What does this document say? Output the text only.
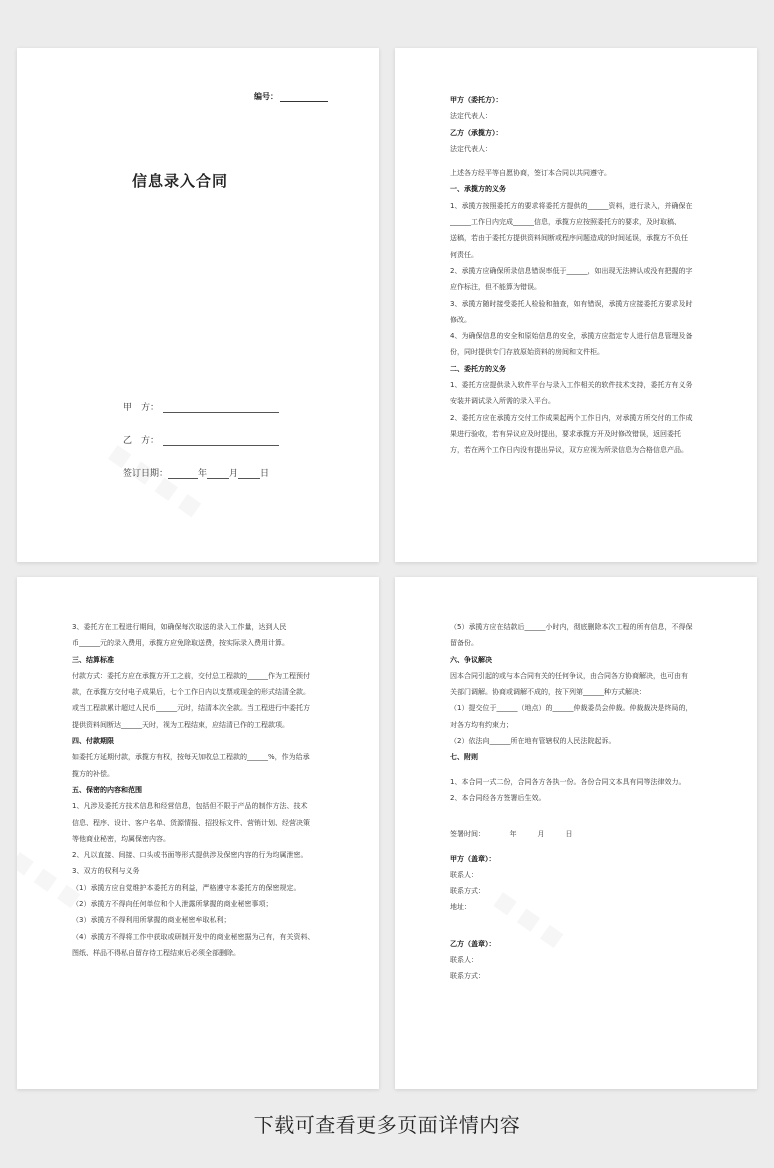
编号：
信息录入合同
甲　方：
乙　方：
签订日期：	年 月 日
甲方（委托方）：
法定代表人：
乙方（承揽方）：
法定代表人：
上述各方经平等自愿协商，签订本合同以共同遵守。
一、承揽方的义务
1、承揽方按照委托方的要求将委托方提供的______资料，进行录入，并确保在
______工作日内完成______信息，承揽方应按照委托方的要求，及时取稿、
送稿，若由于委托方提供资料间断或程序问题造成的时间延误，承揽方不负任
何责任。
2、承揽方应确保所录信息错误率低于______，如出现无法辨认或没有把握的字
应作标注，但不能算为错误。
3、承揽方随时接受委托人检验和抽查，如有错误，承揽方应接委托方要求及时
修改。
4、为确保信息的安全和原始信息的安全，承揽方应指定专人进行信息管理及备
份，同时提供专门存放原始资料的房间和文件柜。
二、委托方的义务
1、委托方应提供录入软件平台与录入工作相关的软件技术支持，委托方有义务
安装并调试录入所需的录入平台。
2、委托方应在承揽方交付工作成果起两个工作日内，对承揽方所交付的工作成
果进行验收，若有异议应及时提出，要求承揽方开及时修改错误，返回委托
方，若在两个工作日内没有提出异议，双方应视为所录信息为合格信息产品。
3、委托方在工程进行期间，如确保每次取送的录入工作量，达到人民
币______元的录入费用，承揽方应免除取送费，按实际录入费用计算。
三、结算标准
付款方式：委托方应在承揽方开工之前，交付总工程款的______作为工程预付
款，在承揽方交付电子成果后，七个工作日内以支票或现金的形式结清全款。
或当工程款累计超过人民币______元时，结清本次全款。当工程进行中委托方
提供资料间断达______天时，视为工程结束，应结清已作的工程款项。
四、付款期限
如委托方延期付款，承揽方有权，按每天加收总工程款的______%，作为给承
揽方的补偿。
五、保密的内容和范围
1、凡涉及委托方技术信息和经营信息，包括但不限于产品的制作方法、技术
信息、程序、设计、客户名单、货源情报、招投标文件、营销计划、经营决策
等他商业秘密，均属保密内容。
2、凡以直接、间接、口头或书面等形式提供涉及保密内容的行为均属泄密。
3、双方的权利与义务
（1）承揽方应自觉维护本委托方的利益，严格遵守本委托方的保密规定。
（2）承揽方不得向任何单位和个人泄露所掌握的商业秘密事项；
（3）承揽方不得利用所掌握的商业秘密牟取私利；
（4）承揽方不得将工作中获取或研制开发中的商业秘密据为己有，有关资料、
图纸、样品不得私自留存待工程结束后必须全部删除。
（5）承揽方应在结款后______小时内，彻底删除本次工程的所有信息，不得保
留备份。
六、争议解决
因本合同引起的或与本合同有关的任何争议，由合同各方协商解决，也可由有
关部门调解。协商或调解不成的，按下列第______种方式解决：
（1）提交位于______（地点）的______仲裁委员会仲裁。仲裁裁决是终局的，
对各方均有约束力；
（2）依法向______所在地有管辖权的人民法院起诉。
七、附则
1、本合同一式二份，合同各方各执一份。各份合同文本具有同等法律效力。
2、本合同经各方签署后生效。
签署时间：　　　　年　　　月　　　日
甲方（盖章）：
联系人：
联系方式：
地址：
乙方（盖章）：
联系人：
联系方式：
下载可查看更多页面详情内容
